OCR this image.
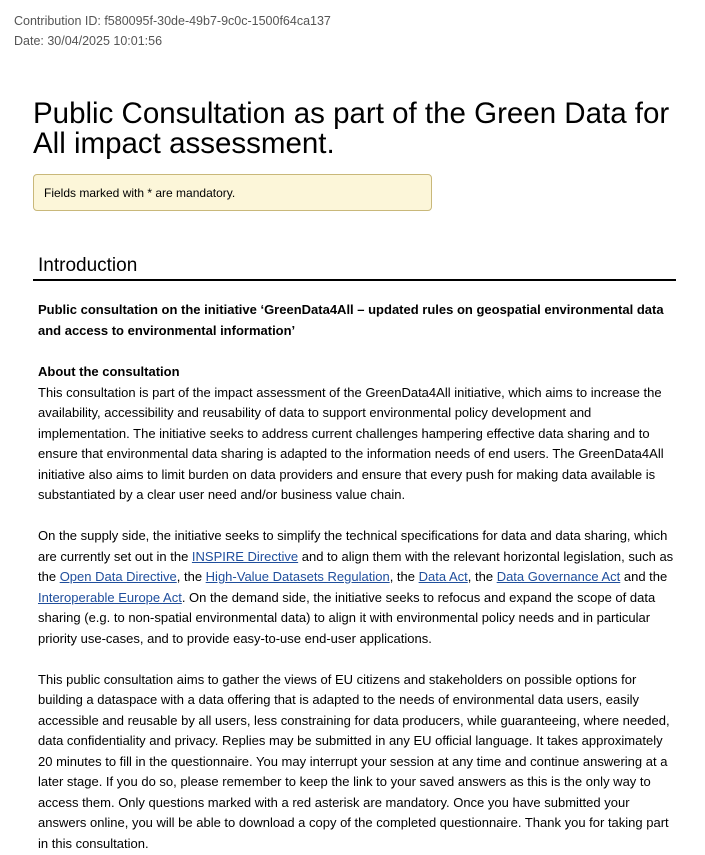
Contribution ID: f580095f-30de-49b7-9c0c-1500f64ca137
Date: 30/04/2025 10:01:56
Public Consultation as part of the Green Data for All impact assessment.
Fields marked with * are mandatory.
Introduction

Public consultation on the initiative ‘GreenData4All – updated rules on geospatial environmental data and access to environmental information’

About the consultation

This consultation is part of the impact assessment of the GreenData4All initiative, which aims to increase the availability, accessibility and reusability of data to support environmental policy development and implementation. The initiative seeks to address current challenges hampering effective data sharing and to ensure that environmental data sharing is adapted to the information needs of end users. The GreenData4All initiative also aims to limit burden on data providers and ensure that every push for making data available is substantiated by a clear user need and/or business value chain.

On the supply side, the initiative seeks to simplify the technical specifications for data and data sharing, which are currently set out in the INSPIRE Directive and to align them with the relevant horizontal legislation, such as the Open Data Directive, the High-Value Datasets Regulation, the Data Act, the Data Governance Act and the Interoperable Europe Act. On the demand side, the initiative seeks to refocus and expand the scope of data sharing (e.g. to non-spatial environmental data) to align it with environmental policy needs and in particular priority use-cases, and to provide easy-to-use end-user applications.

This public consultation aims to gather the views of EU citizens and stakeholders on possible options for building a dataspace with a data offering that is adapted to the needs of environmental data users, easily accessible and reusable by all users, less constraining for data producers, while guaranteeing, where needed, data confidentiality and privacy. Replies may be submitted in any EU official language. It takes approximately 20 minutes to fill in the questionnaire. You may interrupt your session at any time and continue answering at a later stage. If you do so, please remember to keep the link to your saved answers as this is the only way to access them. Only questions marked with a red asterisk are mandatory. Once you have submitted your answers online, you will be able to download a copy of the completed questionnaire. Thank you for taking part in this consultation.
